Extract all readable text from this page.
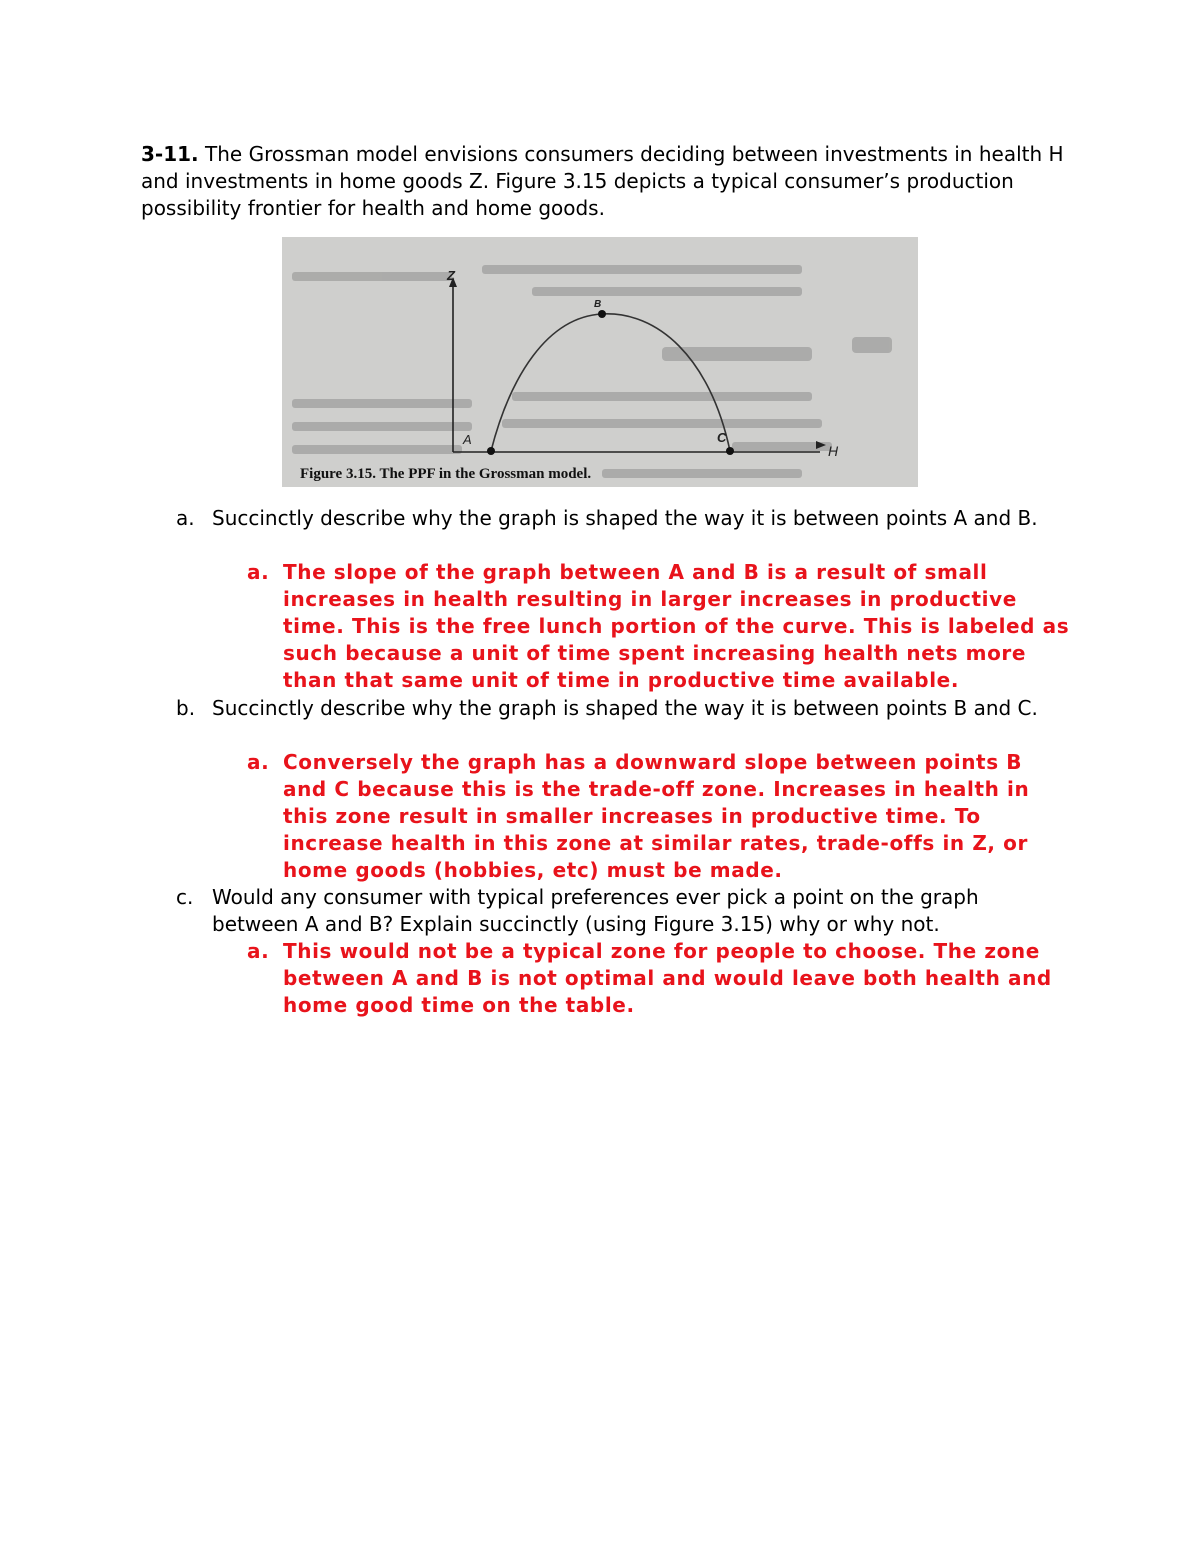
3-11. The Grossman model envisions consumers deciding between investments in health H and investments in home goods Z. Figure 3.15 depicts a typical consumer’s production possibility frontier for health and home goods.
Z
H
A
B
C
Figure 3.15. The PPF in the Grossman model.
a. Succinctly describe why the graph is shaped the way it is between points A and B.
a. The slope of the graph between A and B is a result of small increases in health resulting in larger increases in productive time. This is the free lunch portion of the curve. This is labeled as such because a unit of time spent increasing health nets more than that same unit of time in productive time available.
b. Succinctly describe why the graph is shaped the way it is between points B and C.
a. Conversely the graph has a downward slope between points B and C because this is the trade-off zone. Increases in health in this zone result in smaller increases in productive time. To increase health in this zone at similar rates, trade-offs in Z, or home goods (hobbies, etc) must be made.
c. Would any consumer with typical preferences ever pick a point on the graph between A and B? Explain succinctly (using Figure 3.15) why or why not.
a. This would not be a typical zone for people to choose. The zone between A and B is not optimal and would leave both health and home good time on the table.
